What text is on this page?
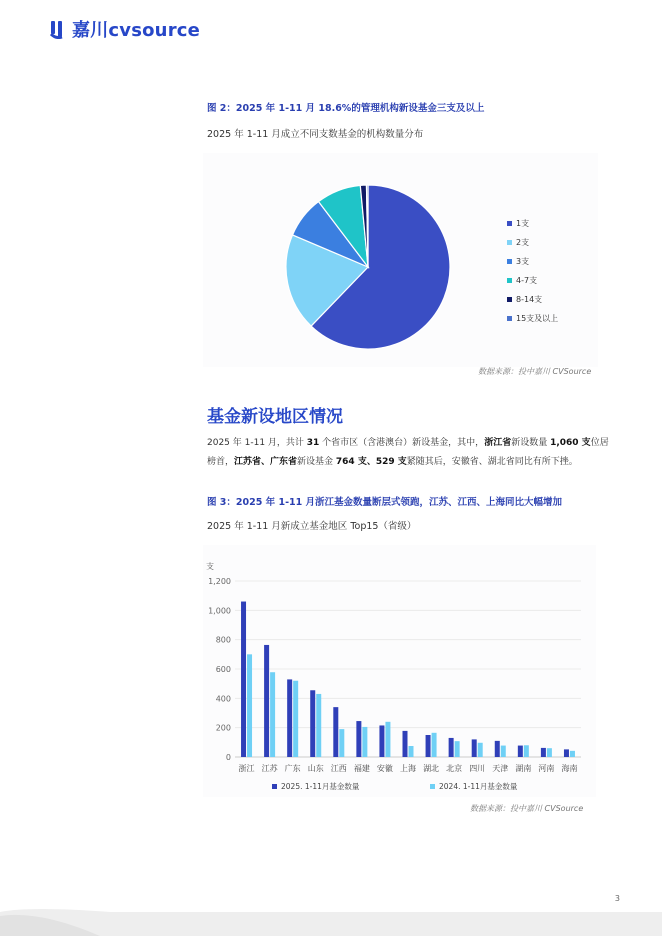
嘉川cvsource
图 2：2025 年 1-11 月 18.6%的管理机构新设基金三支及以上
2025 年 1-11 月成立不同支数基金的机构数量分布
1支
2支
3支
4-7支
8-14支
15支及以上
数据来源：投中嘉川 CVSource
基金新设地区情况
2025 年 1-11 月，共计 31 个省市区（含港澳台）新设基金，其中，浙江省新设数量 1,060 支位居榜首，江苏省、广东省新设基金 764 支、529 支紧随其后，安徽省、湖北省同比有所下挫。
图 3：2025 年 1-11 月浙江基金数量断层式领跑，江苏、江西、上海同比大幅增加
2025 年 1-11 月新成立基金地区 Top15（省级）
支
0
200
400
600
800
1,000
1,200
浙江 江苏 广东 山东 江西 福建 安徽 上海 湖北 北京 四川 天津 湖南 河南 海南
2025. 1-11月基金数量	2024. 1-11月基金数量
数据来源：投中嘉川 CVSource
3
